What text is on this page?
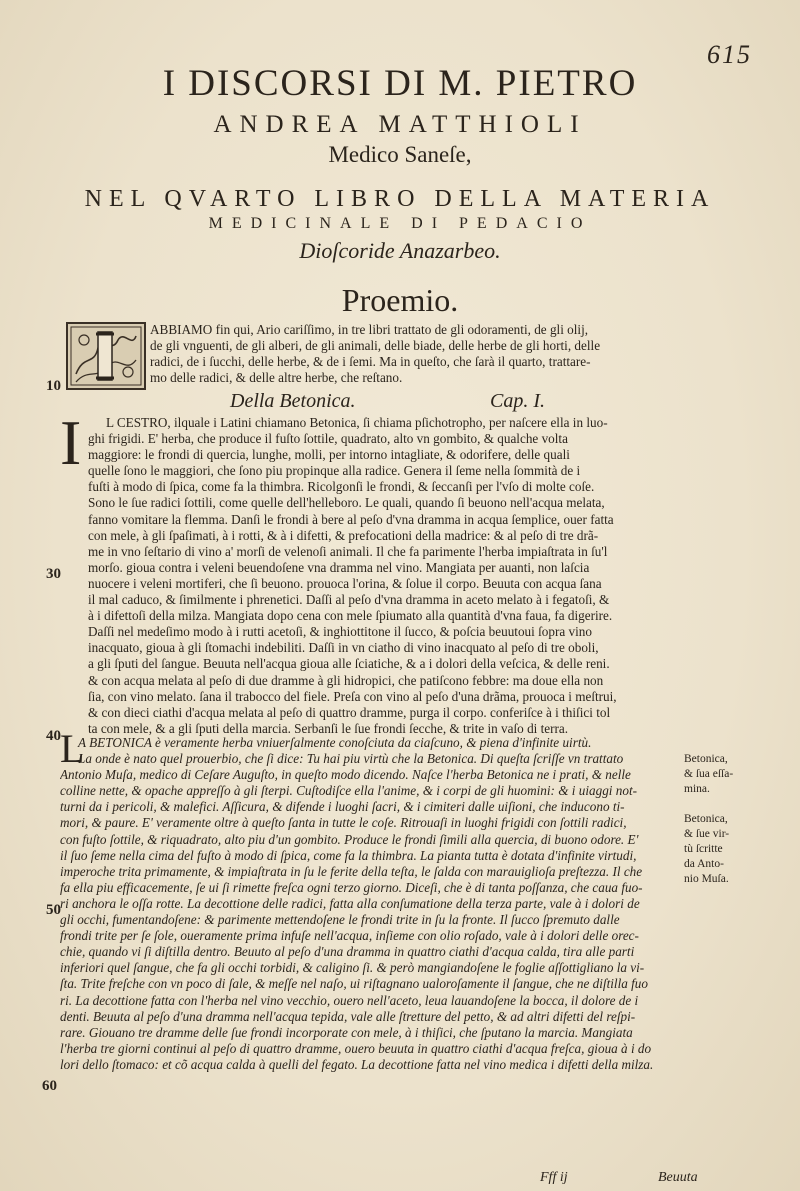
615
I DISCORSI DI M. PIETRO
ANDREA MATTHIOLI
Medico Saneſe,
NEL QVARTO LIBRO DELLA MATERIA
MEDICINALE DI PEDACIO
Dioſcoride Anazarbeo.
Proemio.
ABBIAMO fin qui, Ario cariſſimo, in tre libri trattato de gli odoramenti, de gli olij,
de gli vnguenti, de gli alberi, de gli animali, delle biade, delle herbe de gli horti, delle
radici, de i ſucchi, delle herbe, & de i ſemi. Ma in queſto, che ſarà il quarto, trattare-
mo delle radici, & delle altre herbe, che reſtano.
Della Betonica.	Cap. I.
10
I	L CESTRO, ilquale i Latini chiamano Betonica, ſi chiama pſichotropho, per naſcere ella in luo-
ghi frigidi. E' herba, che produce il fuſto ſottile, quadrato, alto vn gombito, & qualche volta
maggiore: le frondi di quercia, lunghe, molli, per intorno intagliate, & odorifere, delle quali
quelle ſono le maggiori, che ſono piu propinque alla radice. Genera il ſeme nella ſommità de i
fuſti à modo di ſpica, come fa la thimbra. Ricolgonſi le frondi, & ſeccanſi per l'vſo di molte coſe.
Sono le ſue radici ſottili, come quelle dell'helleboro. Le quali, quando ſi beuono nell'acqua melata,
fanno vomitare la flemma. Danſi le frondi à bere al peſo d'vna dramma in acqua ſemplice, ouer fatta
con mele, à gli ſpaſimati, à i rotti, & à i difetti, & prefocationi della madrice: & al peſo di tre drã-
me in vno ſeſtario di vino a' morſi de velenoſi animali. Il che fa parimente l'herba impiaſtrata in ſu'l
morſo. gioua contra i veleni beuendoſene vna dramma nel vino. Mangiata per auanti, non laſcia
nuocere i veleni mortiferi, che ſi beuono. prouoca l'orina, & ſolue il corpo. Beuuta con acqua ſana
il mal caduco, & ſimilmente i phrenetici. Daſſi al peſo d'vna dramma in aceto melato à i fegatoſi, &
à i difettoſi della milza. Mangiata dopo cena con mele ſpiumato alla quantità d'vna faua, fa digerire.
Daſſi nel medeſimo modo à i rutti acetoſi, & inghiottitone il ſucco, & poſcia beuutoui ſopra vino
inacquato, gioua à gli ſtomachi indebiliti. Daſſi in vn ciatho di vino inacquato al peſo di tre oboli,
a gli ſputi del ſangue. Beuuta nell'acqua gioua alle ſciatiche, & a i dolori della veſcica, & delle reni.
& con acqua melata al peſo di due dramme à gli hidropici, che patiſcono febbre: ma doue ella non
ſia, con vino melato. ſana il trabocco del fiele. Preſa con vino al peſo d'una drãma, prouoca i meſtrui,
& con dieci ciathi d'acqua melata al peſo di quattro dramme, purga il corpo. conferiſce à i thiſici tol
ta con mele, & a gli ſputi della marcia. Serbanſi le ſue frondi ſecche, & trite in vaſo di terra.
30
40 L
A BETONICA è veramente herba vniuerſalmente conoſciuta da ciaſcuno, & piena d'infinite uirtù.
La onde è nato quel prouerbio, che ſi dice: Tu hai piu virtù che la Betonica. Di queſta ſcriſſe vn trattato
Antonio Muſa, medico di Ceſare Auguſto, in queſto modo dicendo. Naſce l'herba Betonica ne i prati, & nelle
colline nette, & opache appreſſo à gli ſterpi. Cuſtodiſce ella l'anime, & i corpi de gli huomini: & i uiaggi not-
turni da i pericoli, & malefici. Aſſicura, & difende i luoghi ſacri, & i cimiteri dalle uiſioni, che inducono ti-
mori, & paure. E' veramente oltre à queſto ſanta in tutte le coſe. Ritrouaſi in luoghi frigidi con ſottili radici,
con fuſto ſottile, & riquadrato, alto piu d'un gombito. Produce le frondi ſimili alla quercia, di buono odore. E'
il ſuo ſeme nella cima del fuſto à modo di ſpica, come fa la thimbra. La pianta tutta è dotata d'infinite virtudi,
imperoche trita primamente, & impiaſtrata in ſu le ferite della teſta, le ſalda con marauiglioſa preſtezza. Il che
fa ella piu efficacemente, ſe ui ſi rimette freſca ogni terzo giorno. Diceſi, che è di tanta poſſanza, che caua fuo-
ri anchora le oſſa rotte. La decottione delle radici, fatta alla conſumatione della terza parte, vale à i dolori de
gli occhi, fumentandoſene: & parimente mettendoſene le frondi trite in ſu la fronte. Il ſucco ſpremuto dalle
frondi trite per ſe ſole, oueramente prima infuſe nell'acqua, inſieme con olio roſado, vale à i dolori delle orec-
chie, quando vi ſi diſtilla dentro. Beuuto al peſo d'una dramma in quattro ciathi d'acqua calda, tira alle parti
inferiori quel ſangue, che fa gli occhi torbidi, & caligino ſi. & però mangiandoſene le foglie aſſottigliano la vi-
ſta. Trite freſche con vn poco di ſale, & meſſe nel naſo, ui riſtagnano ualoroſamente il ſangue, che ne diſtilla fuo
ri. La decottione fatta con l'herba nel vino vecchio, ouero nell'aceto, leua lauandoſene la bocca, il dolore de i
denti. Beuuta al peſo d'una dramma nell'acqua tepida, vale alle ſtretture del petto, & ad altri difetti del reſpi-
rare. Giouano tre dramme delle ſue frondi incorporate con mele, à i thiſici, che ſputano la marcia. Mangiata
l'herba tre giorni continui al peſo di quattro dramme, ouero beuuta in quattro ciathi d'acqua freſca, gioua à i do
lori dello ſtomaco: et cõ acqua calda à quelli del fegato. La decottione fatta nel vino medica i difetti della milza.
50
60
Betonica,
& ſua eſſa-
mina.

Betonica,
& ſue vir-
tù ſcritte
da Anto-
nio Muſa.
Fff ij	Beuuta
